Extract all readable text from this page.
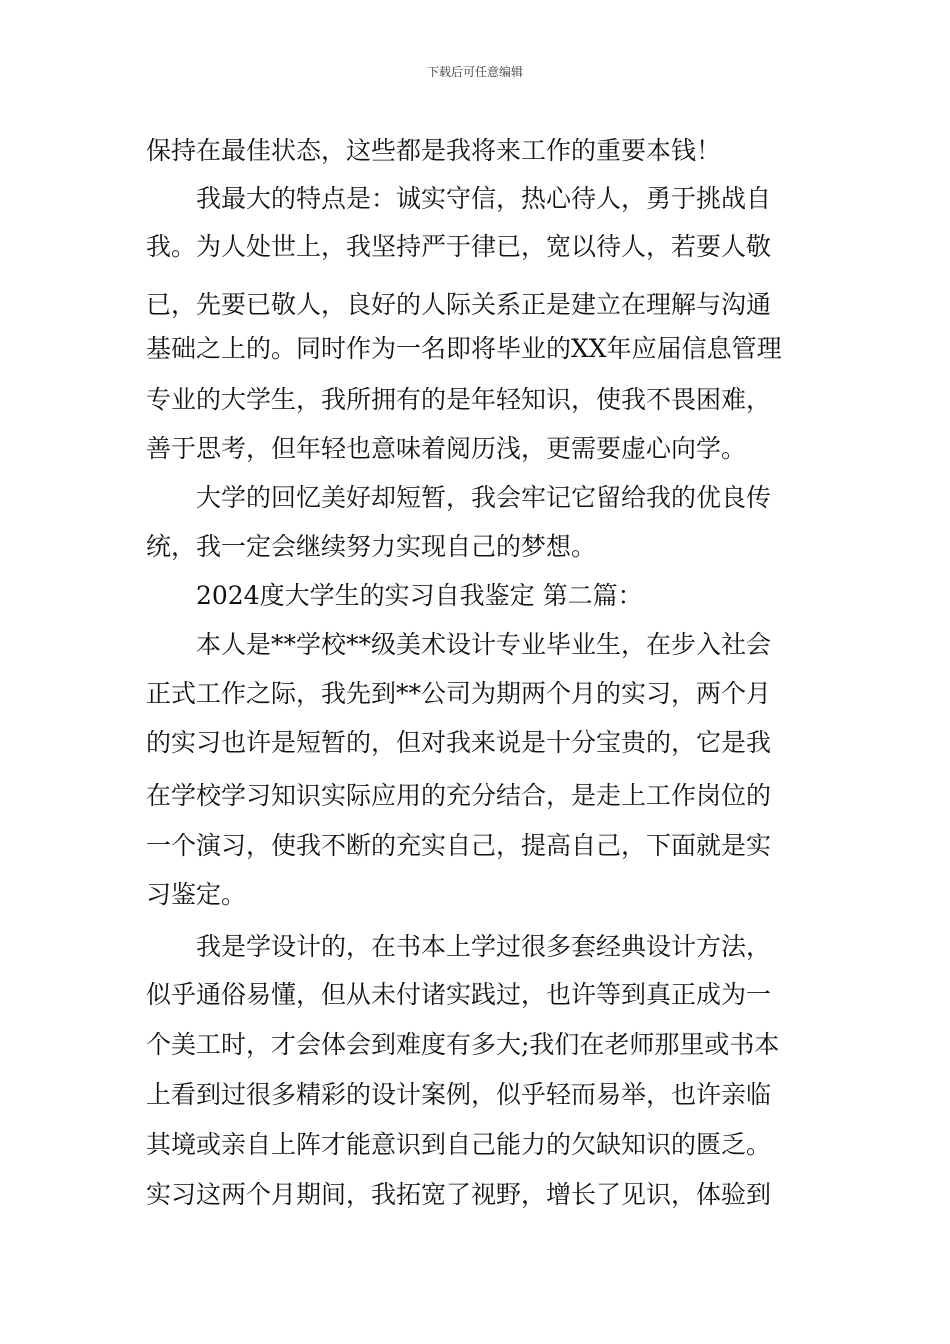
下载后可任意编辑
保持在最佳状态，这些都是我将来工作的重要本钱！
　　我最大的特点是：诚实守信，热心待人，勇于挑战自
我。为人处世上，我坚持严于律已，宽以待人，若要人敬
已，先要已敬人，良好的人际关系正是建立在理解与沟通
基础之上的。同时作为一名即将毕业的XX年应届信息管理
专业的大学生，我所拥有的是年轻知识，使我不畏困难，
善于思考，但年轻也意味着阅历浅，更需要虚心向学。
　　大学的回忆美好却短暂，我会牢记它留给我的优良传
统，我一定会继续努力实现自己的梦想。
　　2024度大学生的实习自我鉴定 第二篇：
　　本人是**学校**级美术设计专业毕业生，在步入社会
正式工作之际，我先到**公司为期两个月的实习，两个月
的实习也许是短暂的，但对我来说是十分宝贵的，它是我
在学校学习知识实际应用的充分结合，是走上工作岗位的
一个演习，使我不断的充实自己，提高自己，下面就是实
习鉴定。
　　我是学设计的，在书本上学过很多套经典设计方法，
似乎通俗易懂，但从未付诸实践过，也许等到真正成为一
个美工时，才会体会到难度有多大;我们在老师那里或书本
上看到过很多精彩的设计案例，似乎轻而易举，也许亲临
其境或亲自上阵才能意识到自己能力的欠缺知识的匮乏。
实习这两个月期间，我拓宽了视野，增长了见识，体验到
